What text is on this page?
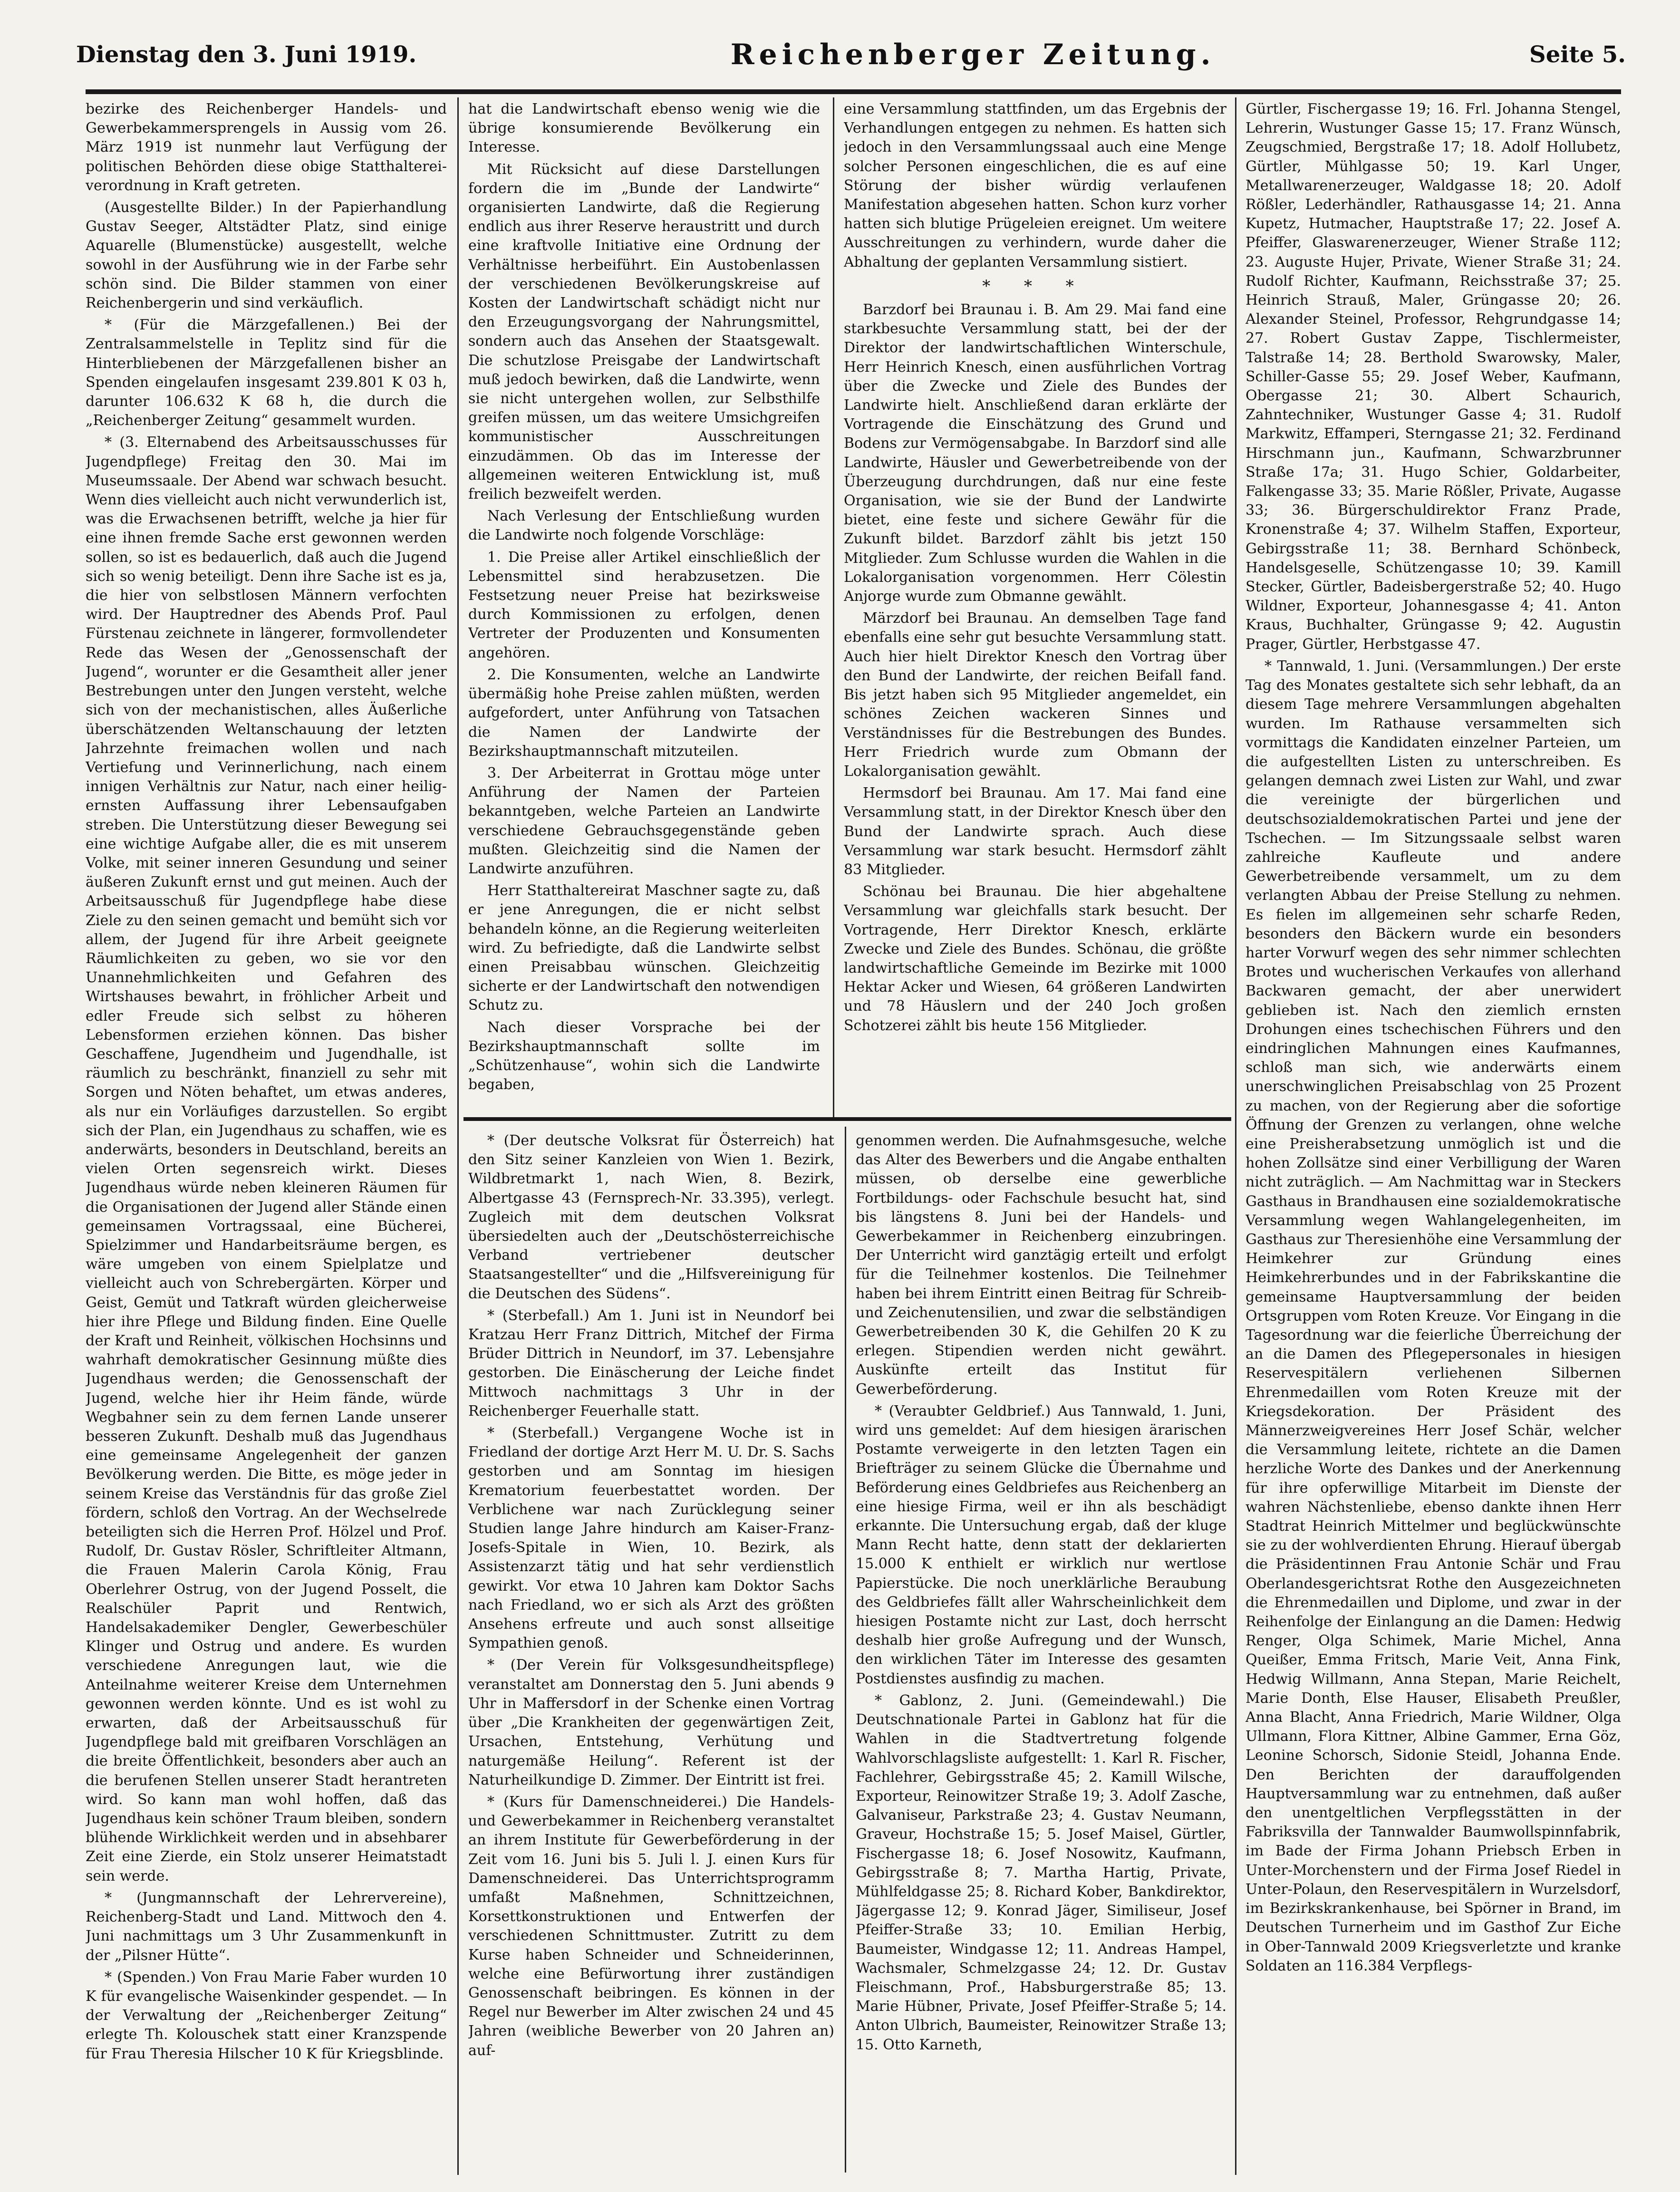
Dienstag den 3. Juni 1919.	Reichenberger Zeitung.	Seite 5.

bezirke des Reichenberger Handels- und Gewerbekammersprengels in Aussig vom 26. März 1919 ist nunmehr laut Verfügung der politischen Behörden diese obige Statthalterei-verordnung in Kraft getreten.

(Ausgestellte Bilder.) In der Papierhandlung Gustav Seeger, Altstädter Platz, sind einige Aquarelle (Blumenstücke) ausgestellt, welche sowohl in der Ausführung wie in der Farbe sehr schön sind. Die Bilder stammen von einer Reichenbergerin und sind verkäuflich.

* (Für die Märzgefallenen.) Bei der Zentralsammelstelle in Teplitz sind für die Hinterbliebenen der Märzgefallenen bisher an Spenden eingelaufen insgesamt 239.801 K 03 h, darunter 106.632 K 68 h, die durch die „Reichenberger Zeitung“ gesammelt wurden.

* (3. Elternabend des Arbeitsausschusses für Jugendpflege) Freitag den 30. Mai im Museumssaale. Der Abend war schwach besucht. Wenn dies vielleicht auch nicht verwunderlich ist, was die Erwachsenen betrifft, welche ja hier für eine ihnen fremde Sache erst gewonnen werden sollen, so ist es bedauerlich, daß auch die Jugend sich so wenig beteiligt. Denn ihre Sache ist es ja, die hier von selbstlosen Männern verfochten wird. Der Hauptredner des Abends Prof. Paul Fürstenau zeichnete in längerer, formvollendeter Rede das Wesen der „Genossenschaft der Jugend“, worunter er die Gesamtheit aller jener Bestrebungen unter den Jungen versteht, welche sich von der mechanistischen, alles Äußerliche überschätzenden Weltanschauung der letzten Jahrzehnte freimachen wollen und nach Vertiefung und Verinnerlichung, nach einem innigen Verhältnis zur Natur, nach einer heilig-ernsten Auffassung ihrer Lebensaufgaben streben. Die Unterstützung dieser Bewegung sei eine wichtige Aufgabe aller, die es mit unserem Volke, mit seiner inneren Gesundung und seiner äußeren Zukunft ernst und gut meinen. Auch der Arbeitsausschuß für Jugendpflege habe diese Ziele zu den seinen gemacht und bemüht sich vor allem, der Jugend für ihre Arbeit geeignete Räumlichkeiten zu geben, wo sie vor den Unannehmlichkeiten und Gefahren des Wirtshauses bewahrt, in fröhlicher Arbeit und edler Freude sich selbst zu höheren Lebensformen erziehen können. Das bisher Geschaffene, Jugendheim und Jugendhalle, ist räumlich zu beschränkt, finanziell zu sehr mit Sorgen und Nöten behaftet, um etwas anderes, als nur ein Vorläufiges darzustellen. So ergibt sich der Plan, ein Jugendhaus zu schaffen, wie es anderwärts, besonders in Deutschland, bereits an vielen Orten segensreich wirkt. Dieses Jugendhaus würde neben kleineren Räumen für die Organisationen der Jugend aller Stände einen gemeinsamen Vortragssaal, eine Bücherei, Spielzimmer und Handarbeitsräume bergen, es wäre umgeben von einem Spielplatze und vielleicht auch von Schrebergärten. Körper und Geist, Gemüt und Tatkraft würden gleicherweise hier ihre Pflege und Bildung finden. Eine Quelle der Kraft und Reinheit, völkischen Hochsinns und wahrhaft demokratischer Gesinnung müßte dies Jugendhaus werden; die Genossenschaft der Jugend, welche hier ihr Heim fände, würde Wegbahner sein zu dem fernen Lande unserer besseren Zukunft. Deshalb muß das Jugendhaus eine gemeinsame Angelegenheit der ganzen Bevölkerung werden. Die Bitte, es möge jeder in seinem Kreise das Verständnis für das große Ziel fördern, schloß den Vortrag. An der Wechselrede beteiligten sich die Herren Prof. Hölzel und Prof. Rudolf, Dr. Gustav Rösler, Schriftleiter Altmann, die Frauen Malerin Carola König, Frau Oberlehrer Ostrug, von der Jugend Posselt, die Realschüler Paprit und Rentwich, Handelsakademiker Dengler, Gewerbeschüler Klinger und Ostrug und andere. Es wurden verschiedene Anregungen laut, wie die Anteilnahme weiterer Kreise dem Unternehmen gewonnen werden könnte. Und es ist wohl zu erwarten, daß der Arbeitsausschuß für Jugendpflege bald mit greifbaren Vorschlägen an die breite Öffentlichkeit, besonders aber auch an die berufenen Stellen unserer Stadt herantreten wird. So kann man wohl hoffen, daß das Jugendhaus kein schöner Traum bleiben, sondern blühende Wirklichkeit werden und in absehbarer Zeit eine Zierde, ein Stolz unserer Heimatstadt sein werde.

* (Jungmannschaft der Lehrervereine), Reichenberg-Stadt und Land. Mittwoch den 4. Juni nachmittags um 3 Uhr Zusammenkunft in der „Pilsner Hütte“.

* (Spenden.) Von Frau Marie Faber wurden 10 K für evangelische Waisenkinder gespendet. — In der Verwaltung der „Reichenberger Zeitung“ erlegte Th. Kolouschek statt einer Kranzspende für Frau Theresia Hilscher 10 K für Kriegsblinde.

hat die Landwirtschaft ebenso wenig wie die übrige konsumierende Bevölkerung ein Interesse.

Mit Rücksicht auf diese Darstellungen fordern die im „Bunde der Landwirte“ organisierten Landwirte, daß die Regierung endlich aus ihrer Reserve heraustritt und durch eine kraftvolle Initiative eine Ordnung der Verhältnisse herbeiführt. Ein Austobenlassen der verschiedenen Bevölkerungskreise auf Kosten der Landwirtschaft schädigt nicht nur den Erzeugungsvorgang der Nahrungsmittel, sondern auch das Ansehen der Staatsgewalt. Die schutzlose Preisgabe der Landwirtschaft muß jedoch bewirken, daß die Landwirte, wenn sie nicht untergehen wollen, zur Selbsthilfe greifen müssen, um das weitere Umsichgreifen kommunistischer Ausschreitungen einzudämmen. Ob das im Interesse der allgemeinen weiteren Entwicklung ist, muß freilich bezweifelt werden.

Nach Verlesung der Entschließung wurden die Landwirte noch folgende Vorschläge:

1. Die Preise aller Artikel einschließlich der Lebensmittel sind herabzusetzen. Die Festsetzung neuer Preise hat bezirksweise durch Kommissionen zu erfolgen, denen Vertreter der Produzenten und Konsumenten angehören.

2. Die Konsumenten, welche an Landwirte übermäßig hohe Preise zahlen müßten, werden aufgefordert, unter Anführung von Tatsachen die Namen der Landwirte der Bezirkshauptmannschaft mitzuteilen.

3. Der Arbeiterrat in Grottau möge unter Anführung der Namen der Parteien bekanntgeben, welche Parteien an Landwirte verschiedene Gebrauchsgegenstände geben mußten. Gleichzeitig sind die Namen der Landwirte anzuführen.

Herr Statthaltereirat Maschner sagte zu, daß er jene Anregungen, die er nicht selbst behandeln könne, an die Regierung weiterleiten wird. Zu befriedigte, daß die Landwirte selbst einen Preisabbau wünschen. Gleichzeitig sicherte er der Landwirtschaft den notwendigen Schutz zu.

Nach dieser Vorsprache bei der Bezirkshauptmannschaft sollte im „Schützenhause“, wohin sich die Landwirte begaben,

eine Versammlung stattfinden, um das Ergebnis der Verhandlungen entgegen zu nehmen. Es hatten sich jedoch in den Versammlungssaal auch eine Menge solcher Personen eingeschlichen, die es auf eine Störung der bisher würdig verlaufenen Manifestation abgesehen hatten. Schon kurz vorher hatten sich blutige Prügeleien ereignet. Um weitere Ausschreitungen zu verhindern, wurde daher die Abhaltung der geplanten Versammlung sistiert.

* * *

Barzdorf bei Braunau i. B. Am 29. Mai fand eine starkbesuchte Versammlung statt, bei der der Direktor der landwirtschaftlichen Winterschule, Herr Heinrich Knesch, einen ausführlichen Vortrag über die Zwecke und Ziele des Bundes der Landwirte hielt. Anschließend daran erklärte der Vortragende die Einschätzung des Grund und Bodens zur Vermögensabgabe. In Barzdorf sind alle Landwirte, Häusler und Gewerbetreibende von der Überzeugung durchdrungen, daß nur eine feste Organisation, wie sie der Bund der Landwirte bietet, eine feste und sichere Gewähr für die Zukunft bildet. Barzdorf zählt bis jetzt 150 Mitglieder. Zum Schlusse wurden die Wahlen in die Lokalorganisation vorgenommen. Herr Cölestin Anjorge wurde zum Obmanne gewählt.

Märzdorf bei Braunau. An demselben Tage fand ebenfalls eine sehr gut besuchte Versammlung statt. Auch hier hielt Direktor Knesch den Vortrag über den Bund der Landwirte, der reichen Beifall fand. Bis jetzt haben sich 95 Mitglieder angemeldet, ein schönes Zeichen wackeren Sinnes und Verständnisses für die Bestrebungen des Bundes. Herr Friedrich wurde zum Obmann der Lokalorganisation gewählt.

Hermsdorf bei Braunau. Am 17. Mai fand eine Versammlung statt, in der Direktor Knesch über den Bund der Landwirte sprach. Auch diese Versammlung war stark besucht. Hermsdorf zählt 83 Mitglieder.

Schönau bei Braunau. Die hier abgehaltene Versammlung war gleichfalls stark besucht. Der Vortragende, Herr Direktor Knesch, erklärte Zwecke und Ziele des Bundes. Schönau, die größte landwirtschaftliche Gemeinde im Bezirke mit 1000 Hektar Acker und Wiesen, 64 größeren Landwirten und 78 Häuslern und der 240 Joch großen Schotzerei zählt bis heute 156 Mitglieder.

* (Der deutsche Volksrat für Österreich) hat den Sitz seiner Kanzleien von Wien 1. Bezirk, Wildbretmarkt 1, nach Wien, 8. Bezirk, Albertgasse 43 (Fernsprech-Nr. 33.395), verlegt. Zugleich mit dem deutschen Volksrat übersiedelten auch der „Deutschösterreichische Verband vertriebener deutscher Staatsangestellter“ und die „Hilfsvereinigung für die Deutschen des Südens“.

* (Sterbefall.) Am 1. Juni ist in Neundorf bei Kratzau Herr Franz Dittrich, Mitchef der Firma Brüder Dittrich in Neundorf, im 37. Lebensjahre gestorben. Die Einäscherung der Leiche findet Mittwoch nachmittags 3 Uhr in der Reichenberger Feuerhalle statt.

* (Sterbefall.) Vergangene Woche ist in Friedland der dortige Arzt Herr M. U. Dr. S. Sachs gestorben und am Sonntag im hiesigen Krematorium feuerbestattet worden. Der Verblichene war nach Zurücklegung seiner Studien lange Jahre hindurch am Kaiser-Franz-Josefs-Spitale in Wien, 10. Bezirk, als Assistenzarzt tätig und hat sehr verdienstlich gewirkt. Vor etwa 10 Jahren kam Doktor Sachs nach Friedland, wo er sich als Arzt des größten Ansehens erfreute und auch sonst allseitige Sympathien genoß.

* (Der Verein für Volksgesundheitspflege) veranstaltet am Donnerstag den 5. Juni abends 9 Uhr in Maffersdorf in der Schenke einen Vortrag über „Die Krankheiten der gegenwärtigen Zeit, Ursachen, Entstehung, Verhütung und naturgemäße Heilung“. Referent ist der Naturheilkundige D. Zimmer. Der Eintritt ist frei.

* (Kurs für Damenschneiderei.) Die Handels- und Gewerbekammer in Reichenberg veranstaltet an ihrem Institute für Gewerbeförderung in der Zeit vom 16. Juni bis 5. Juli l. J. einen Kurs für Damenschneiderei. Das Unterrichtsprogramm umfaßt Maßnehmen, Schnittzeichnen, Korsettkonstruktionen und Entwerfen der verschiedenen Schnittmuster. Zutritt zu dem Kurse haben Schneider und Schneiderinnen, welche eine Befürwortung ihrer zuständigen Genossenschaft beibringen. Es können in der Regel nur Bewerber im Alter zwischen 24 und 45 Jahren (weibliche Bewerber von 20 Jahren an) auf-

genommen werden. Die Aufnahmsgesuche, welche das Alter des Bewerbers und die Angabe enthalten müssen, ob derselbe eine gewerbliche Fortbildungs- oder Fachschule besucht hat, sind bis längstens 8. Juni bei der Handels- und Gewerbekammer in Reichenberg einzubringen. Der Unterricht wird ganztägig erteilt und erfolgt für die Teilnehmer kostenlos. Die Teilnehmer haben bei ihrem Eintritt einen Beitrag für Schreib- und Zeichenutensilien, und zwar die selbständigen Gewerbetreibenden 30 K, die Gehilfen 20 K zu erlegen. Stipendien werden nicht gewährt. Auskünfte erteilt das Institut für Gewerbeförderung.

* (Veraubter Geldbrief.) Aus Tannwald, 1. Juni, wird uns gemeldet: Auf dem hiesigen ärarischen Postamte verweigerte in den letzten Tagen ein Briefträger zu seinem Glücke die Übernahme und Beförderung eines Geldbriefes aus Reichenberg an eine hiesige Firma, weil er ihn als beschädigt erkannte. Die Untersuchung ergab, daß der kluge Mann Recht hatte, denn statt der deklarierten 15.000 K enthielt er wirklich nur wertlose Papierstücke. Die noch unerklärliche Beraubung des Geldbriefes fällt aller Wahrscheinlichkeit dem hiesigen Postamte nicht zur Last, doch herrscht deshalb hier große Aufregung und der Wunsch, den wirklichen Täter im Interesse des gesamten Postdienstes ausfindig zu machen.

* Gablonz, 2. Juni. (Gemeindewahl.) Die Deutschnationale Partei in Gablonz hat für die Wahlen in die Stadtvertretung folgende Wahlvorschlagsliste aufgestellt: 1. Karl R. Fischer, Fachlehrer, Gebirgsstraße 45; 2. Kamill Wilsche, Exporteur, Reinowitzer Straße 19; 3. Adolf Zasche, Galvaniseur, Parkstraße 23; 4. Gustav Neumann, Graveur, Hochstraße 15; 5. Josef Maisel, Gürtler, Fischergasse 18; 6. Josef Nosowitz, Kaufmann, Gebirgsstraße 8; 7. Martha Hartig, Private, Mühlfeldgasse 25; 8. Richard Kober, Bankdirektor, Jägergasse 12; 9. Konrad Jäger, Similiseur, Josef Pfeiffer-Straße 33; 10. Emilian Herbig, Baumeister, Windgasse 12; 11. Andreas Hampel, Wachsmaler, Schmelzgasse 24; 12. Dr. Gustav Fleischmann, Prof., Habsburgerstraße 85; 13. Marie Hübner, Private, Josef Pfeiffer-Straße 5; 14. Anton Ulbrich, Baumeister, Reinowitzer Straße 13; 15. Otto Karneth,

Gürtler, Fischergasse 19; 16. Frl. Johanna Stengel, Lehrerin, Wustunger Gasse 15; 17. Franz Wünsch, Zeugschmied, Bergstraße 17; 18. Adolf Hollubetz, Gürtler, Mühlgasse 50; 19. Karl Unger, Metallwarenerzeuger, Waldgasse 18; 20. Adolf Rößler, Lederhändler, Rathausgasse 14; 21. Anna Kupetz, Hutmacher, Hauptstraße 17; 22. Josef A. Pfeiffer, Glaswarenerzeuger, Wiener Straße 112; 23. Auguste Hujer, Private, Wiener Straße 31; 24. Rudolf Richter, Kaufmann, Reichsstraße 37; 25. Heinrich Strauß, Maler, Grüngasse 20; 26. Alexander Steinel, Professor, Rehgrundgasse 14; 27. Robert Gustav Zappe, Tischlermeister, Talstraße 14; 28. Berthold Swarowsky, Maler, Schiller-Gasse 55; 29. Josef Weber, Kaufmann, Obergasse 21; 30. Albert Schaurich, Zahntechniker, Wustunger Gasse 4; 31. Rudolf Markwitz, Effamperi, Sterngasse 21; 32. Ferdinand Hirschmann jun., Kaufmann, Schwarzbrunner Straße 17a; 31. Hugo Schier, Goldarbeiter, Falkengasse 33; 35. Marie Rößler, Private, Augasse 33; 36. Bürgerschuldirektor Franz Prade, Kronenstraße 4; 37. Wilhelm Staffen, Exporteur, Gebirgsstraße 11; 38. Bernhard Schönbeck, Handelsgeselle, Schützengasse 10; 39. Kamill Stecker, Gürtler, Badeisbergerstraße 52; 40. Hugo Wildner, Exporteur, Johannesgasse 4; 41. Anton Kraus, Buchhalter, Grüngasse 9; 42. Augustin Prager, Gürtler, Herbstgasse 47.

* Tannwald, 1. Juni. (Versammlungen.) Der erste Tag des Monates gestaltete sich sehr lebhaft, da an diesem Tage mehrere Versammlungen abgehalten wurden. Im Rathause versammelten sich vormittags die Kandidaten einzelner Parteien, um die aufgestellten Listen zu unterschreiben. Es gelangen demnach zwei Listen zur Wahl, und zwar die vereinigte der bürgerlichen und deutschsozialdemokratischen Partei und jene der Tschechen. — Im Sitzungssaale selbst waren zahlreiche Kaufleute und andere Gewerbetreibende versammelt, um zu dem verlangten Abbau der Preise Stellung zu nehmen. Es fielen im allgemeinen sehr scharfe Reden, besonders den Bäckern wurde ein besonders harter Vorwurf wegen des sehr nimmer schlechten Brotes und wucherischen Verkaufes von allerhand Backwaren gemacht, der aber unerwidert geblieben ist. Nach den ziemlich ernsten Drohungen eines tschechischen Führers und den eindringlichen Mahnungen eines Kaufmannes, schloß man sich, wie anderwärts einem unerschwinglichen Preisabschlag von 25 Prozent zu machen, von der Regierung aber die sofortige Öffnung der Grenzen zu verlangen, ohne welche eine Preisherabsetzung unmöglich ist und die hohen Zollsätze sind einer Verbilligung der Waren nicht zuträglich. — Am Nachmittag war in Steckers Gasthaus in Brandhausen eine sozialdemokratische Versammlung wegen Wahlangelegenheiten, im Gasthaus zur Theresienhöhe eine Versammlung der Heimkehrer zur Gründung eines Heimkehrerbundes und in der Fabrikskantine die gemeinsame Hauptversammlung der beiden Ortsgruppen vom Roten Kreuze. Vor Eingang in die Tagesordnung war die feierliche Überreichung der an die Damen des Pflegepersonales in hiesigen Reservespitälern verliehenen Silbernen Ehrenmedaillen vom Roten Kreuze mit der Kriegsdekoration. Der Präsident des Männerzweigvereines Herr Josef Schär, welcher die Versammlung leitete, richtete an die Damen herzliche Worte des Dankes und der Anerkennung für ihre opferwillige Mitarbeit im Dienste der wahren Nächstenliebe, ebenso dankte ihnen Herr Stadtrat Heinrich Mittelmer und beglückwünschte sie zu der wohlverdienten Ehrung. Hierauf übergab die Präsidentinnen Frau Antonie Schär und Frau Oberlandesgerichtsrat Rothe den Ausgezeichneten die Ehrenmedaillen und Diplome, und zwar in der Reihenfolge der Einlangung an die Damen: Hedwig Renger, Olga Schimek, Marie Michel, Anna Queißer, Emma Fritsch, Marie Veit, Anna Fink, Hedwig Willmann, Anna Stepan, Marie Reichelt, Marie Donth, Else Hauser, Elisabeth Preußler, Anna Blacht, Anna Friedrich, Marie Wildner, Olga Ullmann, Flora Kittner, Albine Gammer, Erna Göz, Leonine Schorsch, Sidonie Steidl, Johanna Ende. Den Berichten der darauffolgenden Hauptversammlung war zu entnehmen, daß außer den unentgeltlichen Verpflegsstätten in der Fabriksvilla der Tannwalder Baumwollspinnfabrik, im Bade der Firma Johann Priebsch Erben in Unter-Morchenstern und der Firma Josef Riedel in Unter-Polaun, den Reservespitälern in Wurzelsdorf, im Bezirkskrankenhause, bei Spörner in Brand, im Deutschen Turnerheim und im Gasthof Zur Eiche in Ober-Tannwald 2009 Kriegsverletzte und kranke Soldaten an 116.384 Verpflegs-
